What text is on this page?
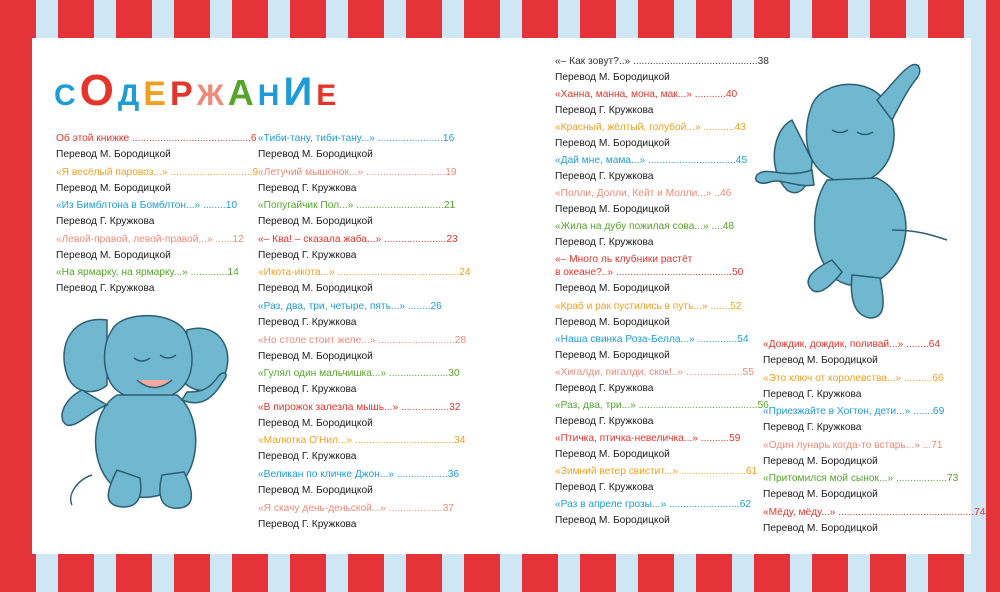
СО Д Е Р Ж А Н И Е
Об этой книжке ..........................................6
Перевод М. Бородицкой
«Я весёлый паровоз...» .............................9
Перевод М. Бородицкой
«Из Бимблтона в Бомблтон...» ........10
Перевод Г. Кружкова
«Левой-правой, левой-правой...» ......12
Перевод М. Бородицкой
«На ярмарку, на ярмарку...» .............14
Перевод Г. Кружкова
«Тиби-тану, тиби-тану...» .......................16
Перевод М. Бородицкой
«Летучий мышонок...» ............................19
Перевод Г. Кружкова
«Попугайчик Пол...» ...............................21
Перевод М. Бородицкой
«– Ква! – сказала жаба...» ......................23
Перевод Г. Кружкова
«Икота-икота...» ...........................................24
Перевод М. Бородицкой
«Раз, два, три, четыре, пять...» ........26
Перевод Г. Кружкова
«Но столе стоит желе...» ...........................28
Перевод М. Бородицкой
«Гулял один мальчишка...» .....................30
Перевод Г. Кружкова
«В пирожок залезла мышь...» .................32
Перевод М. Бородицкой
«Малютка О'Нил...» ...................................34
Перевод Г. Кружкова
«Великан по кличке Джон...» ..................36
Перевод М. Бородицкой
«Я скачу день-деньской...» ...................37
Перевод Г. Кружкова
«– Как зовут?..» ............................................38
Перевод М. Бородицкой
«Ханна, манна, мона, мак...» ...........40
Перевод Г. Кружкова
«Красный, жёлтый, голубой...» ...........43
Перевод М. Бородицкой
«Дай мне, мама...» ...............................45
Перевод Г. Кружкова
«Полли, Долли, Кейт и Молли...» ..46
Перевод М. Бородицкой
«Жила на дубу пожилая сова...» ....48
Перевод Г. Кружкова
«– Много ль клубники растёт
в океане?..» .........................................50
Перевод М. Бородицкой
«Краб и рак пустились в путь...» .......52
Перевод М. Бородицкой
«Наша свинка Роза-Белла...» ..............54
Перевод М. Бородицкой
«Хигалди, пигалди, скок!..» ....................55
Перевод Г. Кружкова
«Раз, два, три...» ..........................................56
Перевод Г. Кружкова
«Птичка, птичка-невеличка...» ..........59
Перевод М. Бородицкой
«Зимний ветер свистит...» .......................61
Перевод Г. Кружкова
«Раз в апреле грозы...» .........................62
Перевод М. Бородицкой
«Дождик, дождик, поливай...» ........64
Перевод М. Бородицкой
«Это ключ от королевства...» ..........66
Перевод Г. Кружкова
«Приезжайте в Хогтон, дети...» .......69
Перевод Г. Кружкова
«Один лунарь когда-то встарь...» ...71
Перевод М. Бородицкой
«Притомился мой сынок...» ..................73
Перевод М. Бородицкой
«Мёду, мёду...» ................................................74
Перевод М. Бородицкой
